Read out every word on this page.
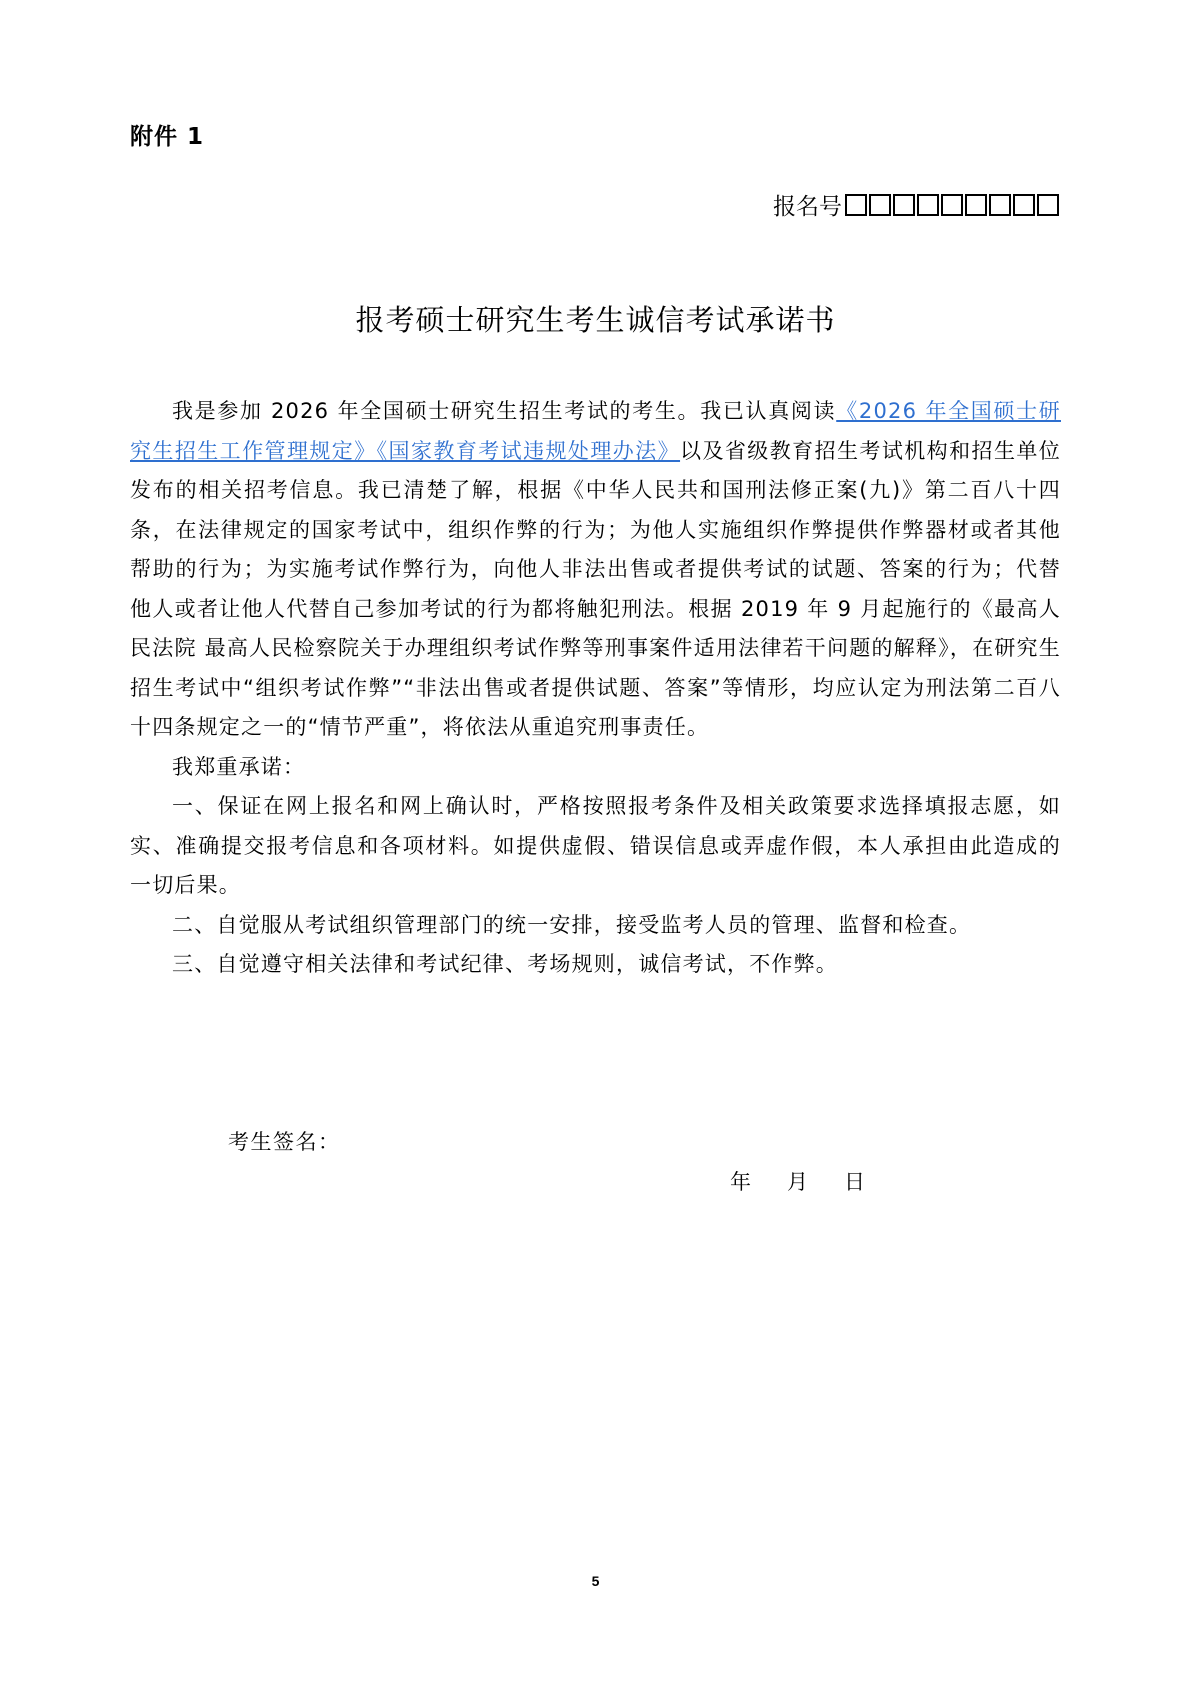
附件 1
报名号
报考硕士研究生考生诚信考试承诺书

我是参加 2026 年全国硕士研究生招生考试的考生。我已认真阅读《2026 年全国硕士研究生招生工作管理规定》《国家教育考试违规处理办法》以及省级教育招生考试机构和招生单位发布的相关招考信息。我已清楚了解，根据《中华人民共和国刑法修正案(九)》第二百八十四条，在法律规定的国家考试中，组织作弊的行为；为他人实施组织作弊提供作弊器材或者其他帮助的行为；为实施考试作弊行为，向他人非法出售或者提供考试的试题、答案的行为；代替他人或者让他人代替自己参加考试的行为都将触犯刑法。根据 2019 年 9 月起施行的《最高人民法院 最高人民检察院关于办理组织考试作弊等刑事案件适用法律若干问题的解释》，在研究生招生考试中“组织考试作弊”“非法出售或者提供试题、答案”等情形，均应认定为刑法第二百八十四条规定之一的“情节严重”，将依法从重追究刑事责任。

我郑重承诺：

一、保证在网上报名和网上确认时，严格按照报考条件及相关政策要求选择填报志愿，如实、准确提交报考信息和各项材料。如提供虚假、错误信息或弄虚作假，本人承担由此造成的一切后果。

二、自觉服从考试组织管理部门的统一安排，接受监考人员的管理、监督和检查。

三、自觉遵守相关法律和考试纪律、考场规则，诚信考试，不作弊。

考生签名：
年 月 日
5
